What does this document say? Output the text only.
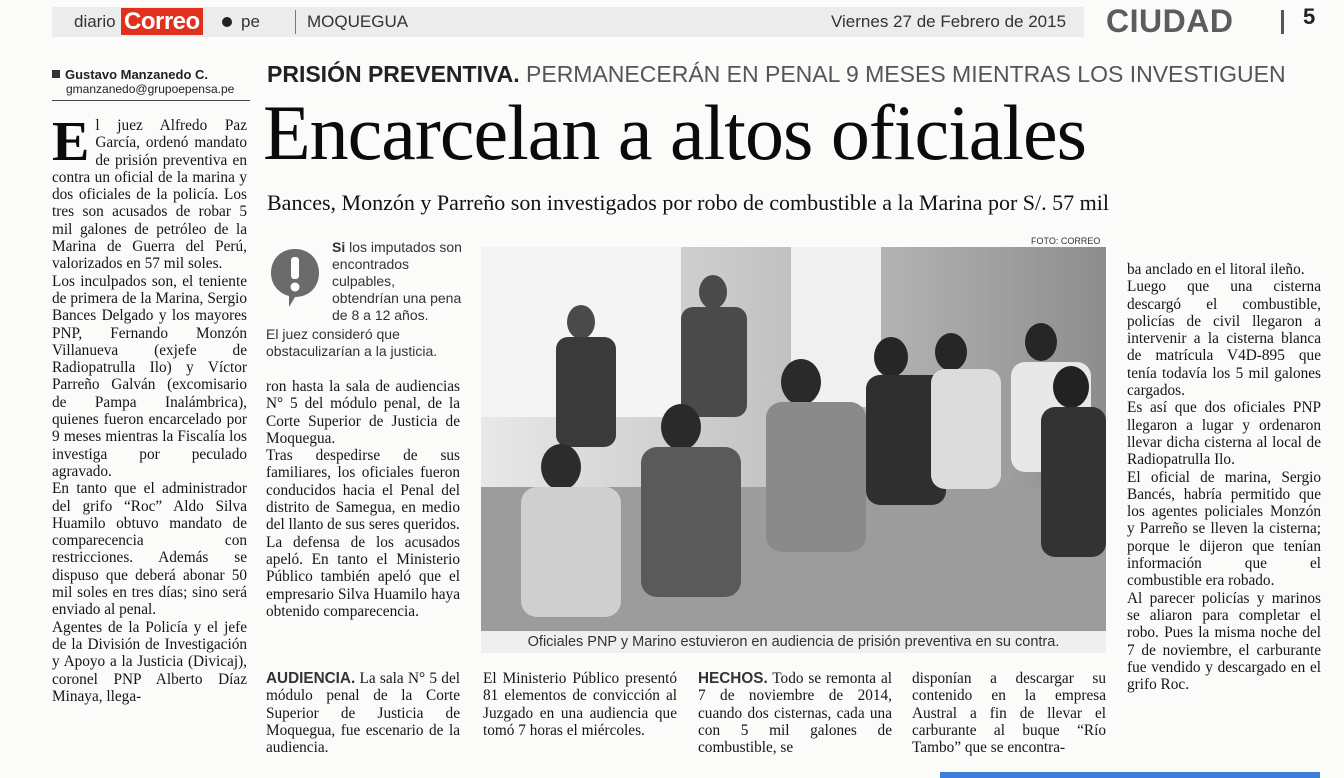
diario Correo pe	MOQUEGUA	Viernes 27 de Febrero de 2015 CIUDAD	5
Gustavo Manzanedo C.
gmanzanedo@grupoepensa.pe
PRISIÓN PREVENTIVA. PERMANECERÁN EN PENAL 9 MESES MIENTRAS LOS INVESTIGUEN
Encarcelan a altos oficiales
Bances, Monzón y Parreño son investigados por robo de combustible a la Marina por S/. 57 mil

E l juez Alfredo Paz García, ordenó mandato de prisión preventiva en contra un oficial de la marina y dos oficiales de la policía. Los tres son acusados de robar 5 mil galones de petróleo de la Marina de Guerra del Perú, valorizados en 57 mil soles.

Los inculpados son, el teniente de primera de la Marina, Sergio Bances Delgado y los mayores PNP, Fernando Monzón Villanueva (exjefe de Radiopatrulla Ilo) y Víctor Parreño Galván (excomisario de Pampa Inalámbrica), quienes fueron encarcelado por 9 meses mientras la Fiscalía los investiga por peculado agravado.

En tanto que el administrador del grifo “Roc” Aldo Silva Huamilo obtuvo mandato de comparecencia con restricciones. Además se dispuso que deberá abonar 50 mil soles en tres días; sino será enviado al penal.

Agentes de la Policía y el jefe de la División de Investigación y Apoyo a la Justicia (Divicaj), coronel PNP Alberto Díaz Minaya, llega-

Si los imputados son encontrados culpables, obtendrían una pena de 8 a 12 años.
El juez consideró que obstaculizarían a la justicia.

ron hasta la sala de audiencias N° 5 del módulo penal, de la Corte Superior de Justicia de Moquegua.

Tras despedirse de sus familiares, los oficiales fueron conducidos hacia el Penal del distrito de Samegua, en medio del llanto de sus seres queridos.

La defensa de los acusados apeló. En tanto el Ministerio Público también apeló que el empresario Silva Huamilo haya obtenido comparecencia.

AUDIENCIA. La sala N° 5 del módulo penal de la Corte Superior de Justicia de Moquegua, fue escenario de la audiencia.

FOTO: CORREO
Oficiales PNP y Marino estuvieron en audiencia de prisión preventiva en su contra.

El Ministerio Público presentó 81 elementos de convicción al Juzgado en una audiencia que tomó 7 horas el miércoles.

HECHOS. Todo se remonta al 7 de noviembre de 2014, cuando dos cisternas, cada una con 5 mil galones de combustible, se

disponían a descargar su contenido en la empresa Austral a fin de llevar el carburante al buque “Río Tambo” que se encontra-

ba anclado en el litoral ileño.

Luego que una cisterna descargó el combustible, policías de civil llegaron a intervenir a la cisterna blanca de matrícula V4D-895 que tenía todavía los 5 mil galones cargados.

Es así que dos oficiales PNP llegaron a lugar y ordenaron llevar dicha cisterna al local de Radiopatrulla Ilo.

El oficial de marina, Sergio Bancés, habría permitido que los agentes policiales Monzón y Parreño se lleven la cisterna; porque le dijeron que tenían información que el combustible era robado.

Al parecer policías y marinos se aliaron para completar el robo. Pues la misma noche del 7 de noviembre, el carburante fue vendido y descargado en el grifo Roc.
